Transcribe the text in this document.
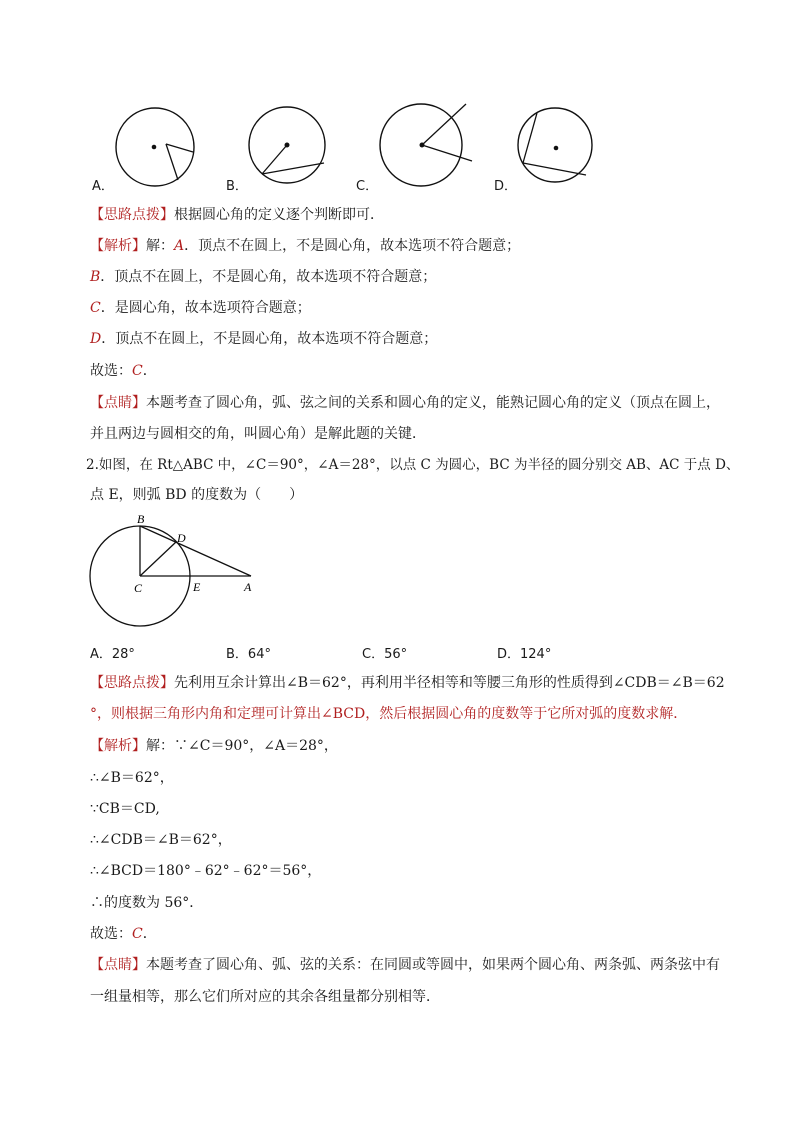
A．	B．	C．	D．
【思路点拨】根据圆心角的定义逐个判断即可．
【解析】解：A．顶点不在圆上，不是圆心角，故本选项不符合题意；
B．顶点不在圆上，不是圆心角，故本选项不符合题意；
C．是圆心角，故本选项符合题意；
D．顶点不在圆上，不是圆心角，故本选项不符合题意；
故选：C．
【点睛】本题考查了圆心角，弧、弦之间的关系和圆心角的定义，能熟记圆心角的定义（顶点在圆上，
并且两边与圆相交的角，叫圆心角）是解此题的关键．
2.如图，在 Rt△ABC 中，∠C＝90°，∠A＝28°，以点 C 为圆心，BC 为半径的圆分别交 AB、AC 于点 D、
点 E，则弧 BD 的度数为（　　）
B
D
C	E	A
A．28°	B．64°	C．56°	D．124°
【思路点拨】先利用互余计算出∠B＝62°，再利用半径相等和等腰三角形的性质得到∠CDB＝∠B＝62
°，则根据三角形内角和定理可计算出∠BCD，然后根据圆心角的度数等于它所对弧的度数求解．
【解析】解：∵∠C＝90°，∠A＝28°，
∴∠B＝62°，
∵CB＝CD,
∴∠CDB＝∠B＝62°，
∴∠BCD＝180°﹣62°﹣62°＝56°，
∴的度数为 56°．
故选：C．
【点睛】本题考查了圆心角、弧、弦的关系：在同圆或等圆中，如果两个圆心角、两条弧、两条弦中有
一组量相等，那么它们所对应的其余各组量都分别相等．
